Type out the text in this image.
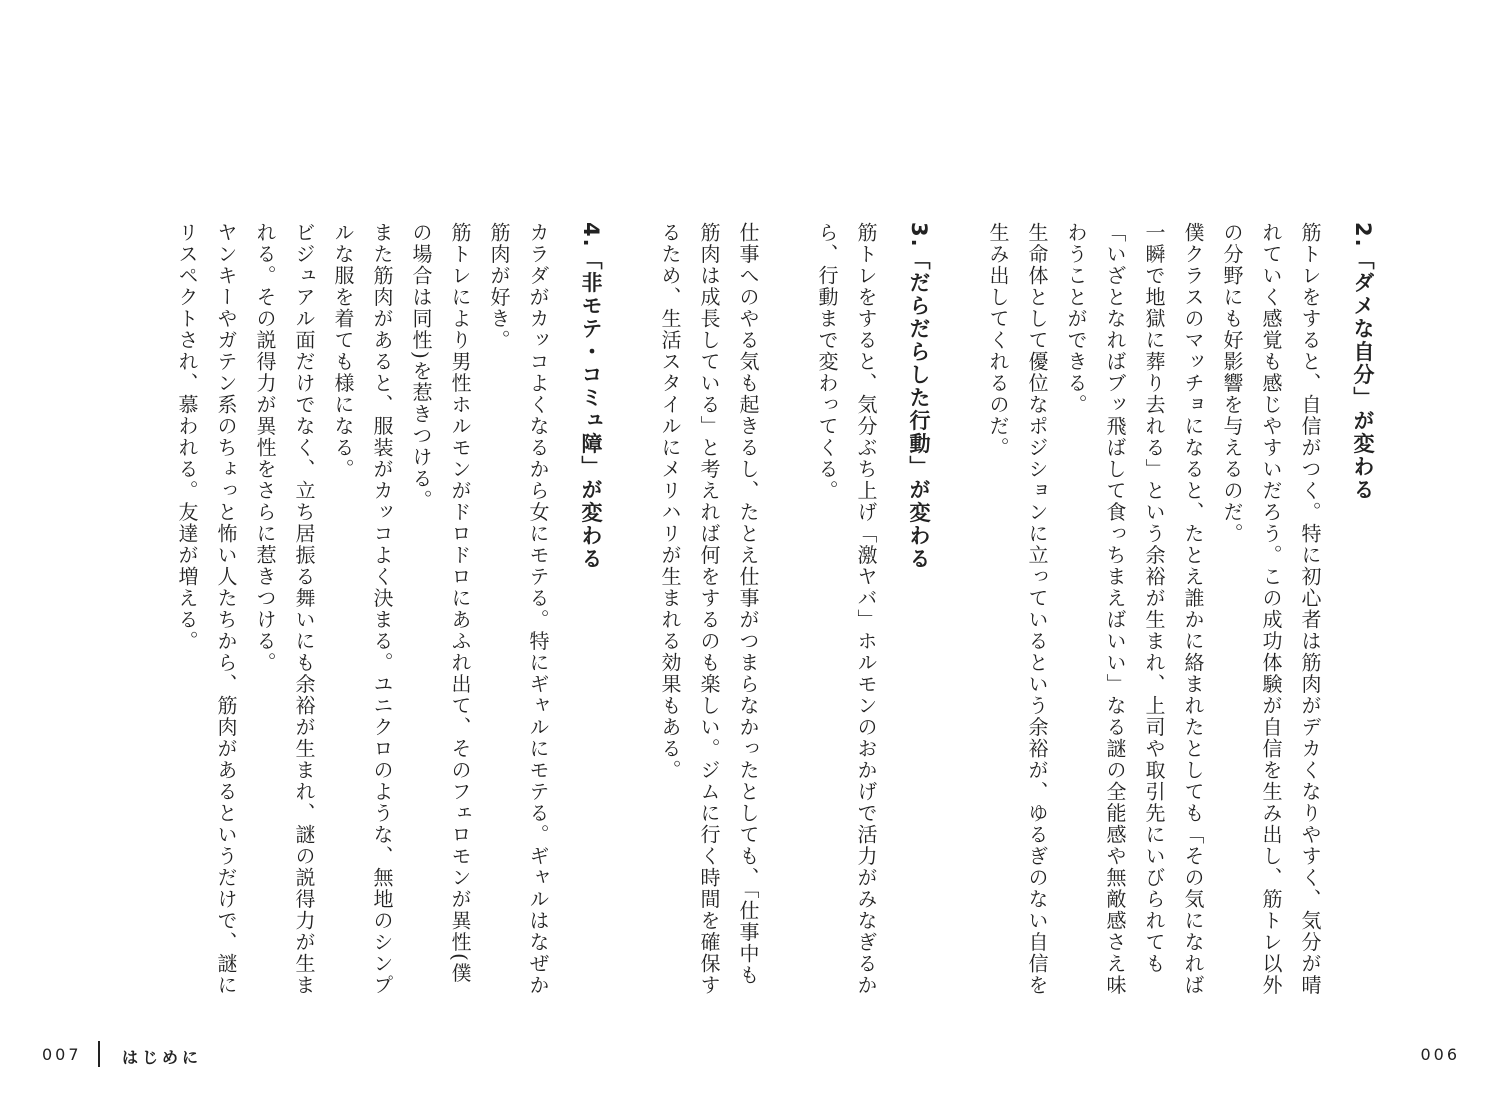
2.「ダメな自分」が変わる
筋トレをすると、自信がつく。特に初心者は筋肉がデカくなりやすく、気分が晴れていく感覚も感じやすいだろう。この成功体験が自信を生み出し、筋トレ以外の分野にも好影響を与えるのだ。
僕クラスのマッチョになると、たとえ誰かに絡まれたとしても「その気になれば一瞬で地獄に葬り去れる」という余裕が生まれ、上司や取引先にいびられても「いざとなればブッ飛ばして食っちまえばいい」なる謎の全能感や無敵感さえ味わうことができる。
生命体として優位なポジションに立っているという余裕が、ゆるぎのない自信を生み出してくれるのだ。
3.「だらだらした行動」が変わる
筋トレをすると、気分ぶち上げ「激ヤバ」ホルモンのおかげで活力がみなぎるから、行動まで変わってくる。
仕事へのやる気も起きるし、たとえ仕事がつまらなかったとしても、「仕事中も筋肉は成長している」と考えれば何をするのも楽しい。ジムに行く時間を確保するため、生活スタイルにメリハリが生まれる効果もある。
4.「非モテ・コミュ障」が変わる
カラダがカッコよくなるから女にモテる。特にギャルにモテる。ギャルはなぜか筋肉が好き。
筋トレにより男性ホルモンがドロドロにあふれ出て、そのフェロモンが異性(僕の場合は同性)を惹きつける。
また筋肉があると、服装がカッコよく決まる。ユニクロのような、無地のシンプルな服を着ても様になる。
ビジュアル面だけでなく、立ち居振る舞いにも余裕が生まれ、謎の説得力が生まれる。その説得力が異性をさらに惹きつける。
ヤンキーやガテン系のちょっと怖い人たちから、筋肉があるというだけで、謎にリスペクトされ、慕われる。友達が増える。
007	はじめに	006
